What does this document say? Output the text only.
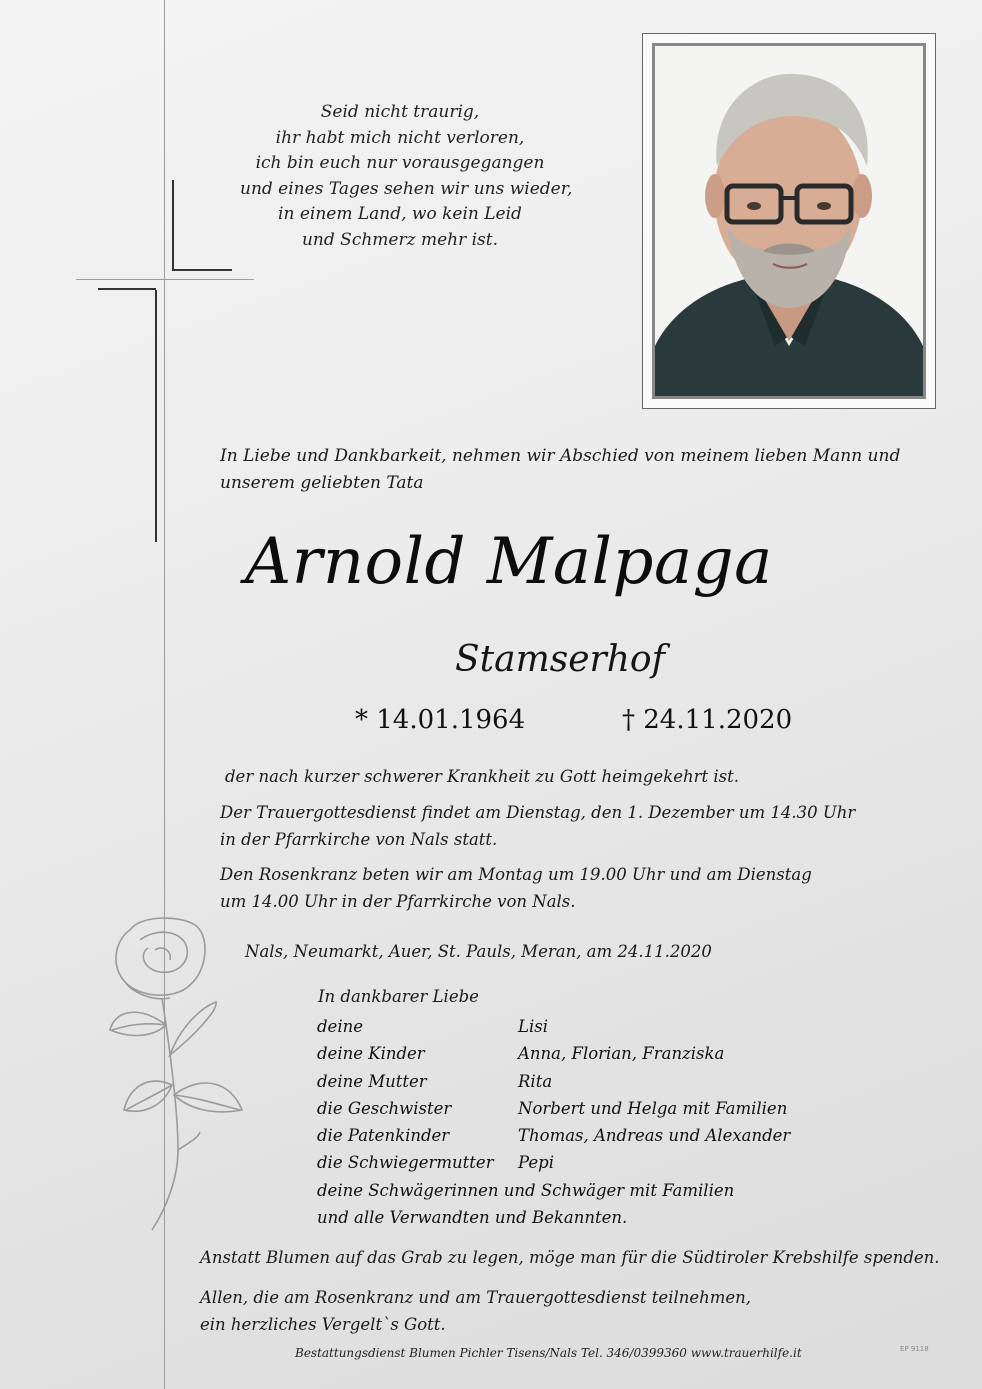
Seid nicht traurig,
ihr habt mich nicht verloren,
ich bin euch nur vorausgegangen
und eines Tages sehen wir uns wieder,
in einem Land, wo kein Leid
und Schmerz mehr ist.
In Liebe und Dankbarkeit, nehmen wir Abschied von meinem lieben Mann und unserem geliebten Tata
Arnold Malpaga
Stamserhof
* 14.01.1964	† 24.11.2020
der nach kurzer schwerer Krankheit zu Gott heimgekehrt ist.
Der Trauergottesdienst findet am Dienstag, den 1. Dezember um 14.30 Uhr
in der Pfarrkirche von Nals statt.
Den Rosenkranz beten wir am Montag um 19.00 Uhr und am Dienstag
um 14.00 Uhr in der Pfarrkirche von Nals.
Nals, Neumarkt, Auer, St. Pauls, Meran, am 24.11.2020
In dankbarer Liebe
deine	Lisi
deine Kinder	Anna, Florian, Franziska
deine Mutter	Rita
die Geschwister	Norbert und Helga mit Familien
die Patenkinder	Thomas, Andreas und Alexander
die Schwiegermutter Pepi
deine Schwägerinnen und Schwäger mit Familien
und alle Verwandten und Bekannten.
Anstatt Blumen auf das Grab zu legen, möge man für die Südtiroler Krebshilfe spenden.
Allen, die am Rosenkranz und am Trauergottesdienst teilnehmen,
ein herzliches Vergelt`s Gott.
Bestattungsdienst Blumen Pichler Tisens/Nals Tel. 346/0399360 www.trauerhilfe.it	EP 9118
